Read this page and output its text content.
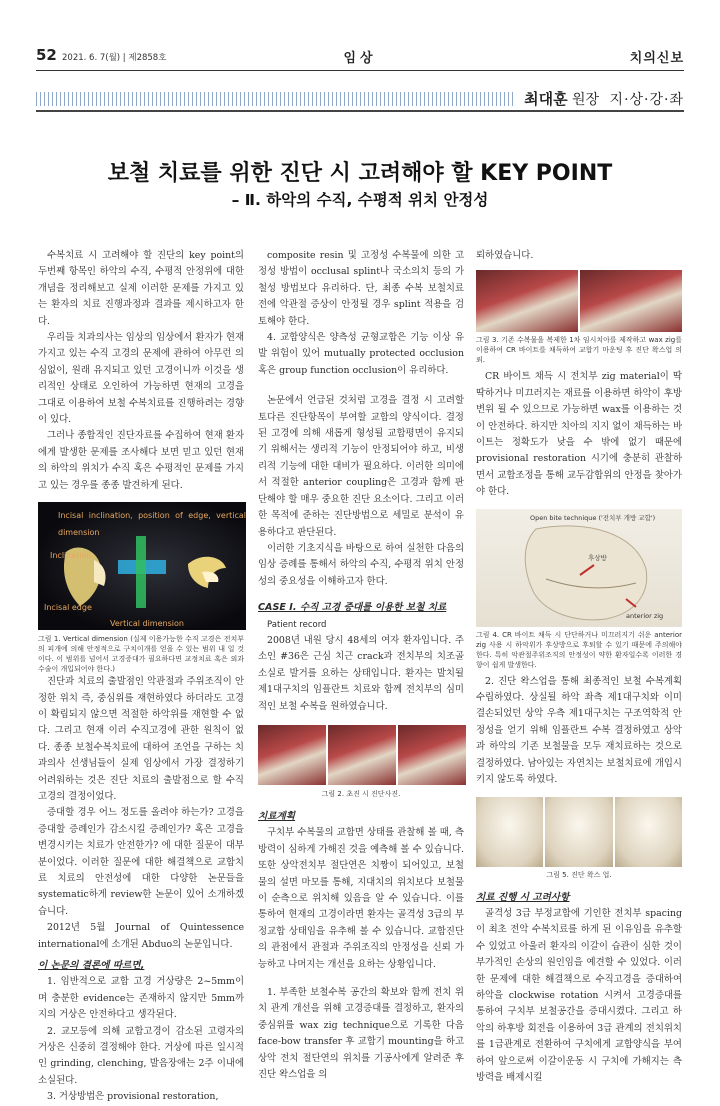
52 2021. 6. 7(월) | 제2858호	임상	치의신보
최대훈 원장 지·상·강·좌
보철 치료를 위한 진단 시 고려해야 할 KEY POINT
– Ⅱ. 하악의 수직, 수평적 위치 안정성

수복치료 시 고려해야 할 진단의 key point의 두번째 항목인 하악의 수직, 수평적 안정위에 대한 개념을 정리해보고 실제 이러한 문제를 가지고 있는 환자의 치료 진행과정과 결과를 제시하고자 한다.

우리들 치과의사는 임상의 임상에서 환자가 현재 가지고 있는 수직 고경의 문제에 관하여 아무런 의심없이, 원래 유지되고 있던 고경이니까 이것을 생리적인 상태로 오인하여 가능하면 현재의 고경을 그대로 이용하여 보철 수복치료를 진행하려는 경향이 있다.

그러나 종합적인 진단자료를 수집하여 현재 환자에게 발생한 문제를 조사해다 보면 믿고 있던 현재의 하악의 위치가 수직 혹은 수평적인 문제를 가지고 있는 경우를 종종 발견하게 된다.

Incisal inclination, position of edge, vertical dimension
Inclination
Incisal edge
Vertical dimension

그림 1. Vertical dimension (실제 이용가능한 수직 고경은 전치부의 피개에 의해 안정적으로 구치이개를 얻을 수 있는 범위 내 일 것이다. 이 범위를 넘어서 고경증대가 필요하다면 교정치료 혹은 외과수술이 개입되어야 한다.)

진단과 치료의 출발점인 악관절과 주위조직이 안정한 위치 즉, 중심위를 재현하였다 하더라도 고경이 확립되지 않으면 적절한 하악위를 재현할 수 없다. 그리고 현재 이러 수직고경에 관한 원칙이 없다. 종종 보철수복치료에 대하여 조언을 구하는 치과의사 선생님들이 실제 임상에서 가장 결정하기 어려워하는 것은 진단 치료의 출발점으로 할 수직 고경의 결정이었다.

증대할 경우 어느 정도를 올려야 하는가? 고경을 증대할 증례인가 감소시킬 증례인가? 혹은 고경을 변경시키는 치료가 안전한가? 에 대한 질문이 대부분이었다. 이러한 질문에 대한 해결책으로 교합치료 치료의 안전성에 대한 다양한 논문들을 systematic하게 review한 논문이 있어 소개하겠습니다.

2012년 5월 Journal of Quintessence international에 소개된 Abduo의 논문입니다.

이 논문의 결론에 따르면,

1. 임반적으로 교합 고경 거상량은 2~5mm이며 충분한 evidence는 존재하지 않지만 5mm까지의 거상은 안전하다고 생각된다.

2. 교모등에 의해 교합고경이 감소된 고령자의 거상은 신중히 결정해야 한다. 거상에 따른 일시적인 grinding, clenching, 발음장애는 2주 이내에 소실된다.

3. 거상방법은 provisional restoration,

composite resin 및 고정성 수복물에 의한 고정성 방법이 occlusal splint나 국소의치 등의 가철성 방법보다 유리하다. 단, 최종 수복 보철치료 전에 악관절 증상이 안정될 경우 splint 적용을 검토해야 한다.

4. 교합양식은 양측성 균형교합은 기능 이상 유발 위험이 있어 mutually protected occlusion 혹은 group function occlusion이 유리하다.

논문에서 언급된 것처럼 고경을 결정 시 고려할 토다른 진단항목이 부여할 교합의 양식이다. 결정된 고경에 의해 새롭게 형성될 교합평면이 유지되기 위해서는 생리적 기능이 안정되어야 하고, 비생리적 기능에 대한 대비가 필요하다. 이러한 의미에서 적절한 anterior coupling은 고경과 함께 판단해야 할 매우 중요한 진단 요소이다. 그리고 이러한 목적에 준하는 진단방법으로 세밀로 분석이 유용하다고 판단된다.

이러한 기초지식을 바탕으로 하여 실천한 다음의 임상 증례를 통해서 하악의 수직, 수평적 위치 안정성의 중요성을 이해하고자 한다.

CASE I. 수직 고경 증대를 이용한 보철 치료
Patient record

2008년 내원 당시 48세의 여자 환자입니다. 주소인 #36은 근심 치근 crack과 전치부의 치조골 소실로 발거를 요하는 상태입니다. 환자는 발치될 제1대구치의 임플란트 치료와 함께 전치부의 심미적인 보철 수복을 원하였습니다.

그림 2. 초진 시 진단사진.

치료계획

구치부 수복물의 교합면 상태를 관찰해 볼 때, 측방력이 심하게 가해진 것을 예측해 볼 수 있습니다. 또한 상악전치부 절단연은 치짱이 되어있고, 보철물의 설면 마모를 통해, 지대치의 위치보다 보철물이 순측으로 위치해 있음을 알 수 있습니다. 이를 통하여 현재의 고경이라면 환자는 골격성 3급의 부정교합 상태임을 유추해 볼 수 있습니다. 교합진단의 관점에서 관절과 주위조직의 안정성을 신뢰 가능하고 나머지는 개선을 요하는 상황입니다.

1. 부족한 보철수복 공간의 확보와 함께 전치 위치 관계 개선을 위해 고경증대를 결정하고, 환자의 중심위를 wax zig technique으로 기록한 다음 face-bow transfer 후 교합기 mounting을 하고 상악 전치 절단연의 위치를 기공사에게 알려준 후 진단 왁스업을 의

뢰하였습니다.

그림 3. 기존 수복물을 복제한 1차 임시치아를 제작하고 wax zig를 이용하여 CR 바이트를 채득하여 교합기 마운팅 후 진단 왁스업 의뢰.

CR 바이트 채득 시 전치부 zig material이 딱딱하거나 미끄러지는 재료를 이용하면 하악이 후방 변위 될 수 있으므로 가능하면 wax를 이용하는 것이 안전하다. 하지만 치아의 지지 없이 채득하는 바이트는 정확도가 낮을 수 밖에 없기 때문에 provisional restoration 시기에 충분히 관찰하면서 교합조정을 통해 교두감합위의 안정을 찾아가야 한다.

Open bite technique ('전치부 개방 교합')
후상방
anterior zig

그림 4. CR 바이트 채득 시 단단하거나 미끄러지기 쉬운 anterior zig 사용 시 하악위가 후상방으로 후퇴할 수 있기 때문에 주의해야 한다. 특히 악관절주위조직의 안정성이 약한 환자일수록 이러한 경향이 쉽게 발생한다.

2. 진단 왁스업을 통해 최종적인 보철 수복계획 수립하였다. 상실될 하악 좌측 제1대구치와 이미 결손되었던 상악 우측 제1대구치는 구조역학적 안정성을 얻기 위해 임플란트 수복 결정하였고 상악과 하악의 기존 보철물을 모두 재치료하는 것으로 결정하였다. 남아있는 자연치는 보철치료에 개입시키지 않도록 하였다.

그림 5. 진단 왁스 업.

치료 진행 시 고려사항

골격성 3급 부정교합에 기인한 전치부 spacing이 최초 전악 수복치료를 하게 된 이유임을 유추할 수 있었고 아울러 환자의 이갈이 습관이 심한 것이 부가적인 손상의 원인임을 예견할 수 있었다. 이러한 문제에 대한 해결책으로 수직고경을 증대하여 하악을 clockwise rotation 시켜서 고경증대를 통하여 구치부 보철공간을 증대시켰다. 그리고 하악의 하후방 회전을 이용하여 3급 관계의 전치위치를 1급관계로 전환하여 구치에게 교합양식을 부여하여 앞으로써 이갈이운동 시 구치에 가해지는 측방력을 배제시킬
